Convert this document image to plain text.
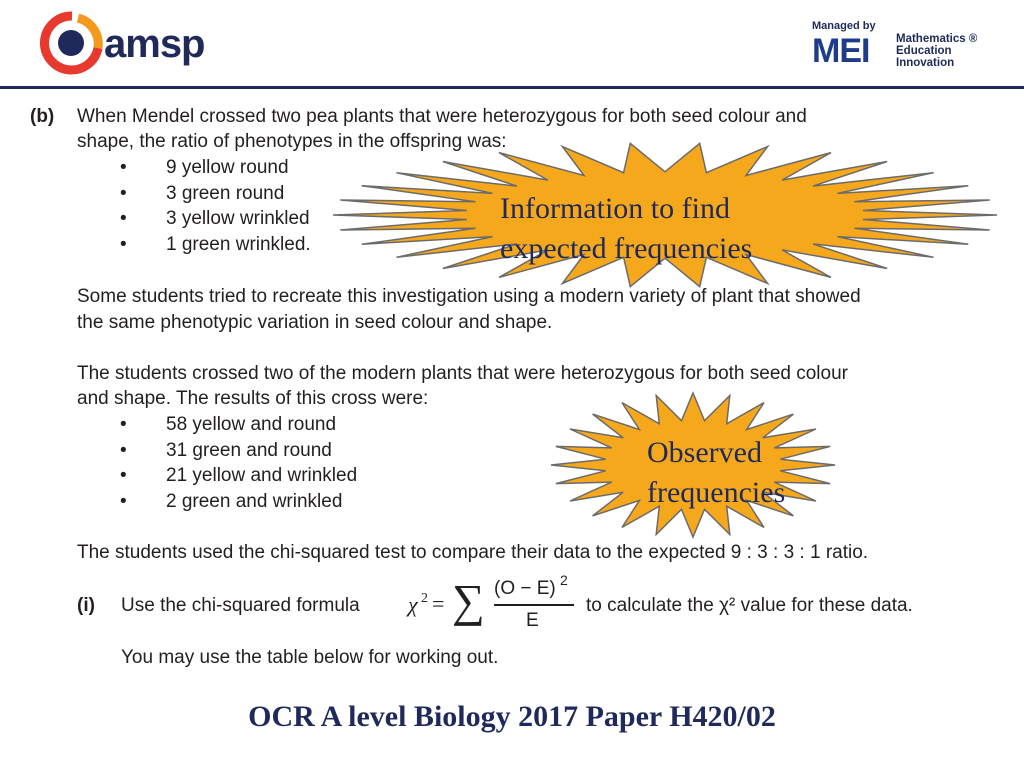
amsp	Managed by
MEI Mathematics ®
Education
Innovation
Information to find
expected frequencies
Observed
frequencies
(b) When Mendel crossed two pea plants that were heterozygous for both seed colour and
shape, the ratio of phenotypes in the offspring was:
• 9 yellow round
• 3 green round
• 3 yellow wrinkled
• 1 green wrinkled.
Some students tried to recreate this investigation using a modern variety of plant that showed
the same phenotypic variation in seed colour and shape.
The students crossed two of the modern plants that were heterozygous for both seed colour
and shape. The results of this cross were:
• 58 yellow and round
• 31 green and round
• 21 yellow and wrinkled
• 2 green and wrinkled
The students used the chi-squared test to compare their data to the expected 9 : 3 : 3 : 1 ratio.
(i) Use the chi-squared formula χ 2 = ∑ (O − E) 2
E
to calculate the χ² value for these data.
You may use the table below for working out.
OCR A level Biology 2017 Paper H420/02
